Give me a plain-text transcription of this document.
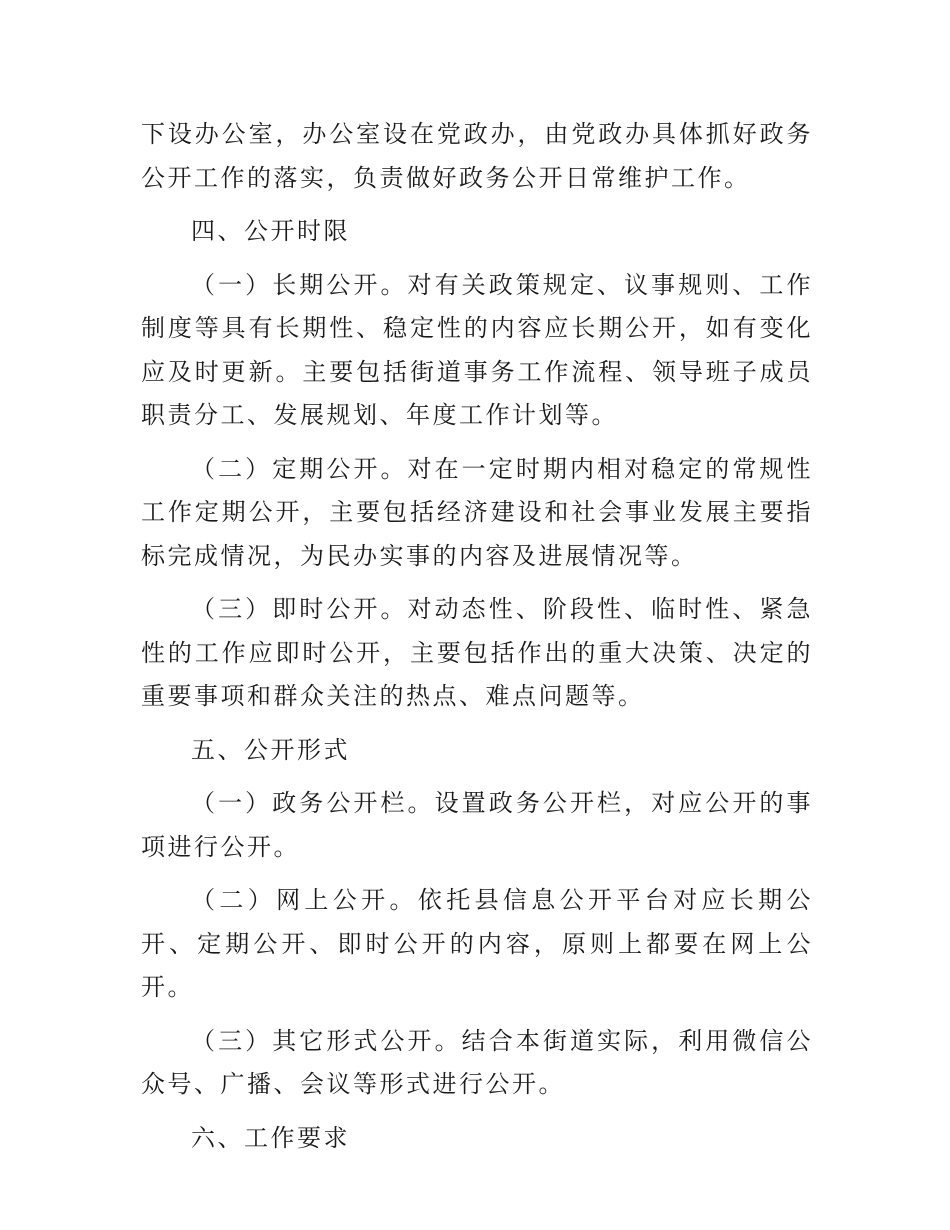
下设办公室，办公室设在党政办，由党政办具体抓好政务公开工作的落实，负责做好政务公开日常维护工作。

四、公开时限

（一）长期公开。对有关政策规定、议事规则、工作制度等具有长期性、稳定性的内容应长期公开，如有变化应及时更新。主要包括街道事务工作流程、领导班子成员职责分工、发展规划、年度工作计划等。

（二）定期公开。对在一定时期内相对稳定的常规性工作定期公开，主要包括经济建设和社会事业发展主要指标完成情况，为民办实事的内容及进展情况等。

（三）即时公开。对动态性、阶段性、临时性、紧急性的工作应即时公开，主要包括作出的重大决策、决定的重要事项和群众关注的热点、难点问题等。

五、公开形式

（一）政务公开栏。设置政务公开栏，对应公开的事项进行公开。

（二）网上公开。依托县信息公开平台对应长期公开、定期公开、即时公开的内容，原则上都要在网上公开。

（三）其它形式公开。结合本街道实际，利用微信公众号、广播、会议等形式进行公开。

六、工作要求
